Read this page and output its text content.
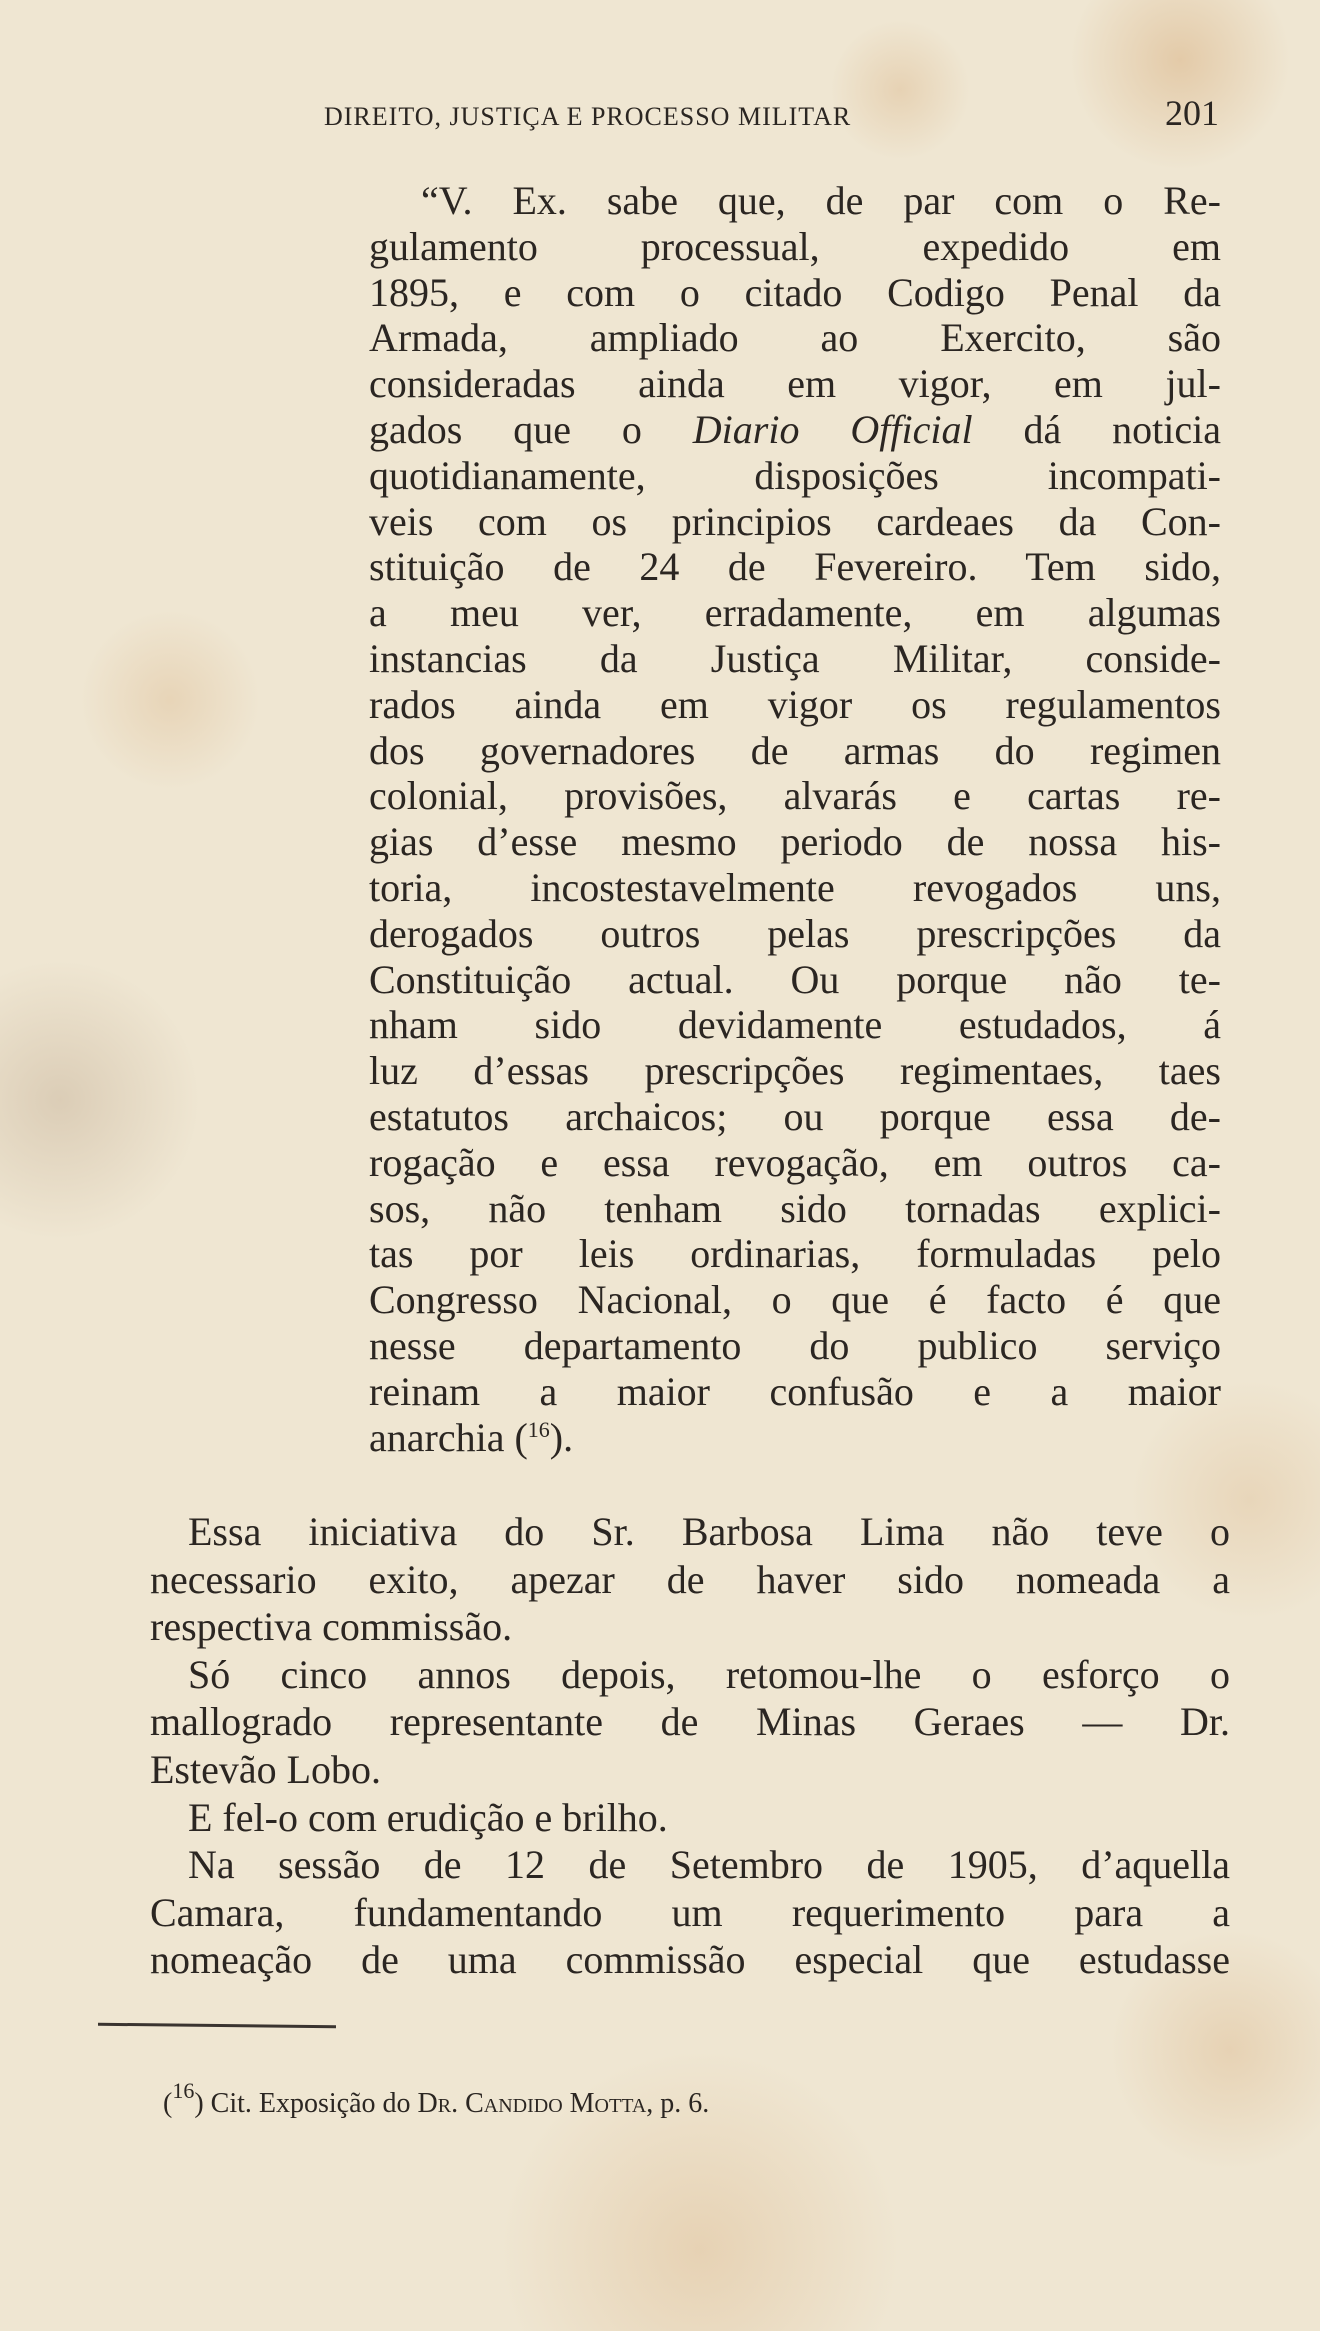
DIREITO, JUSTIÇA E PROCESSO MILITAR	201
“V. Ex. sabe que, de par com o Re-
gulamento processual, expedido em
1895, e com o citado Codigo Penal da
Armada, ampliado ao Exercito, são
consideradas ainda em vigor, em jul-
gados que o Diario Official dá noticia
quotidianamente, disposições incompati-
veis com os principios cardeaes da Con-
stituição de 24 de Fevereiro. Tem sido,
a meu ver, erradamente, em algumas
instancias da Justiça Militar, conside-
rados ainda em vigor os regulamentos
dos governadores de armas do regimen
colonial, provisões, alvarás e cartas re-
gias d’esse mesmo periodo de nossa his-
toria, incostestavelmente revogados uns,
derogados outros pelas prescripções da
Constituição actual. Ou porque não te-
nham sido devidamente estudados, á
luz d’essas prescripções regimentaes, taes
estatutos archaicos; ou porque essa de-
rogação e essa revogação, em outros ca-
sos, não tenham sido tornadas explici-
tas por leis ordinarias, formuladas pelo
Congresso Nacional, o que é facto é que
nesse departamento do publico serviço
reinam a maior confusão e a maior
anarchia ($^{16}$).
Essa iniciativa do Sr. Barbosa Lima não teve o
necessario exito, apezar de haver sido nomeada a
respectiva commissão.
Só cinco annos depois, retomou-lhe o esforço o
mallogrado representante de Minas Geraes — Dr.
Estevão Lobo.
E fel-o com erudição e brilho.
Na sessão de 12 de Setembro de 1905, d’aquella
Camara, fundamentando um requerimento para a
nomeação de uma commissão especial que estudasse
($^{16}$) Cit. Exposição do Dr. Candido Motta, p. 6.
